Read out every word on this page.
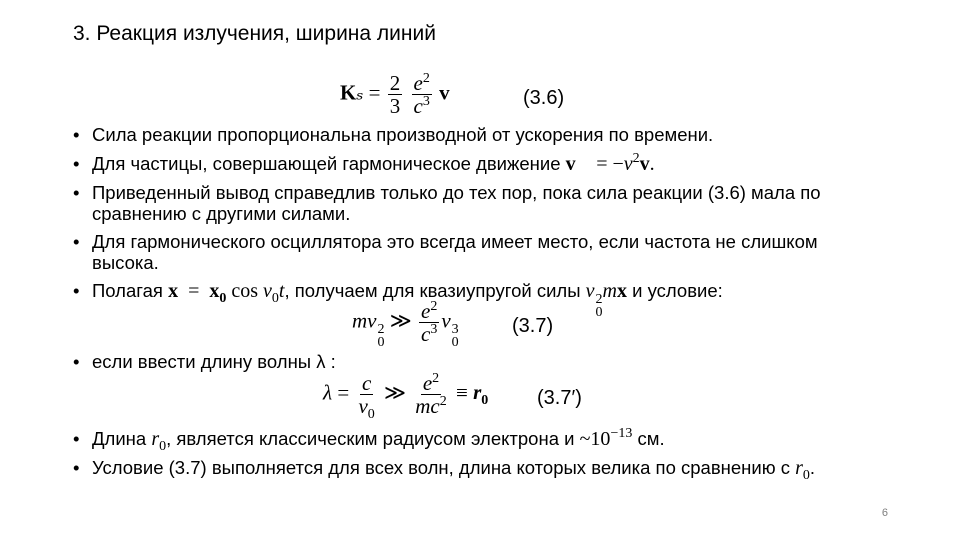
3. Реакция излучения, ширина линий
$K_s = \frac{2}{3}$
$\frac{e^2}{c^3}$ v⃛	(3.6)
• Сила реакции пропорциональна производной от ускорения по времени.
• Для частицы, совершающей гармоническое движение v⃛ = $-\nu^2v$.
• Приведенный вывод справедлив только до тех пор, пока сила реакции (3.6) мала по сравнению с другими силами.
• Для гармонического осциллятора это всегда имеет место, если частота не слишком высока.
• Полагая $x = x_0$ $\cos \nu_0t$, получаем для квазиупругой силы ν 2
0
mx и условие:
• если ввести длину волны λ :
• Длина $r_0$, является классическим радиусом электрона и $\sim 10^{-13}$ см.
• Условие (3.7) выполняется для всех волн, длина которых велика по сравнению с $r_0$.
mν 2
0
≫ $\frac{e^2}{c^3}$ ν 3
0
(3.7)
$\lambda = \frac{c}{\nu_0}$ ≫ $\frac{e^2}{mc^2} \equiv r_0$ (3.7′)
6
